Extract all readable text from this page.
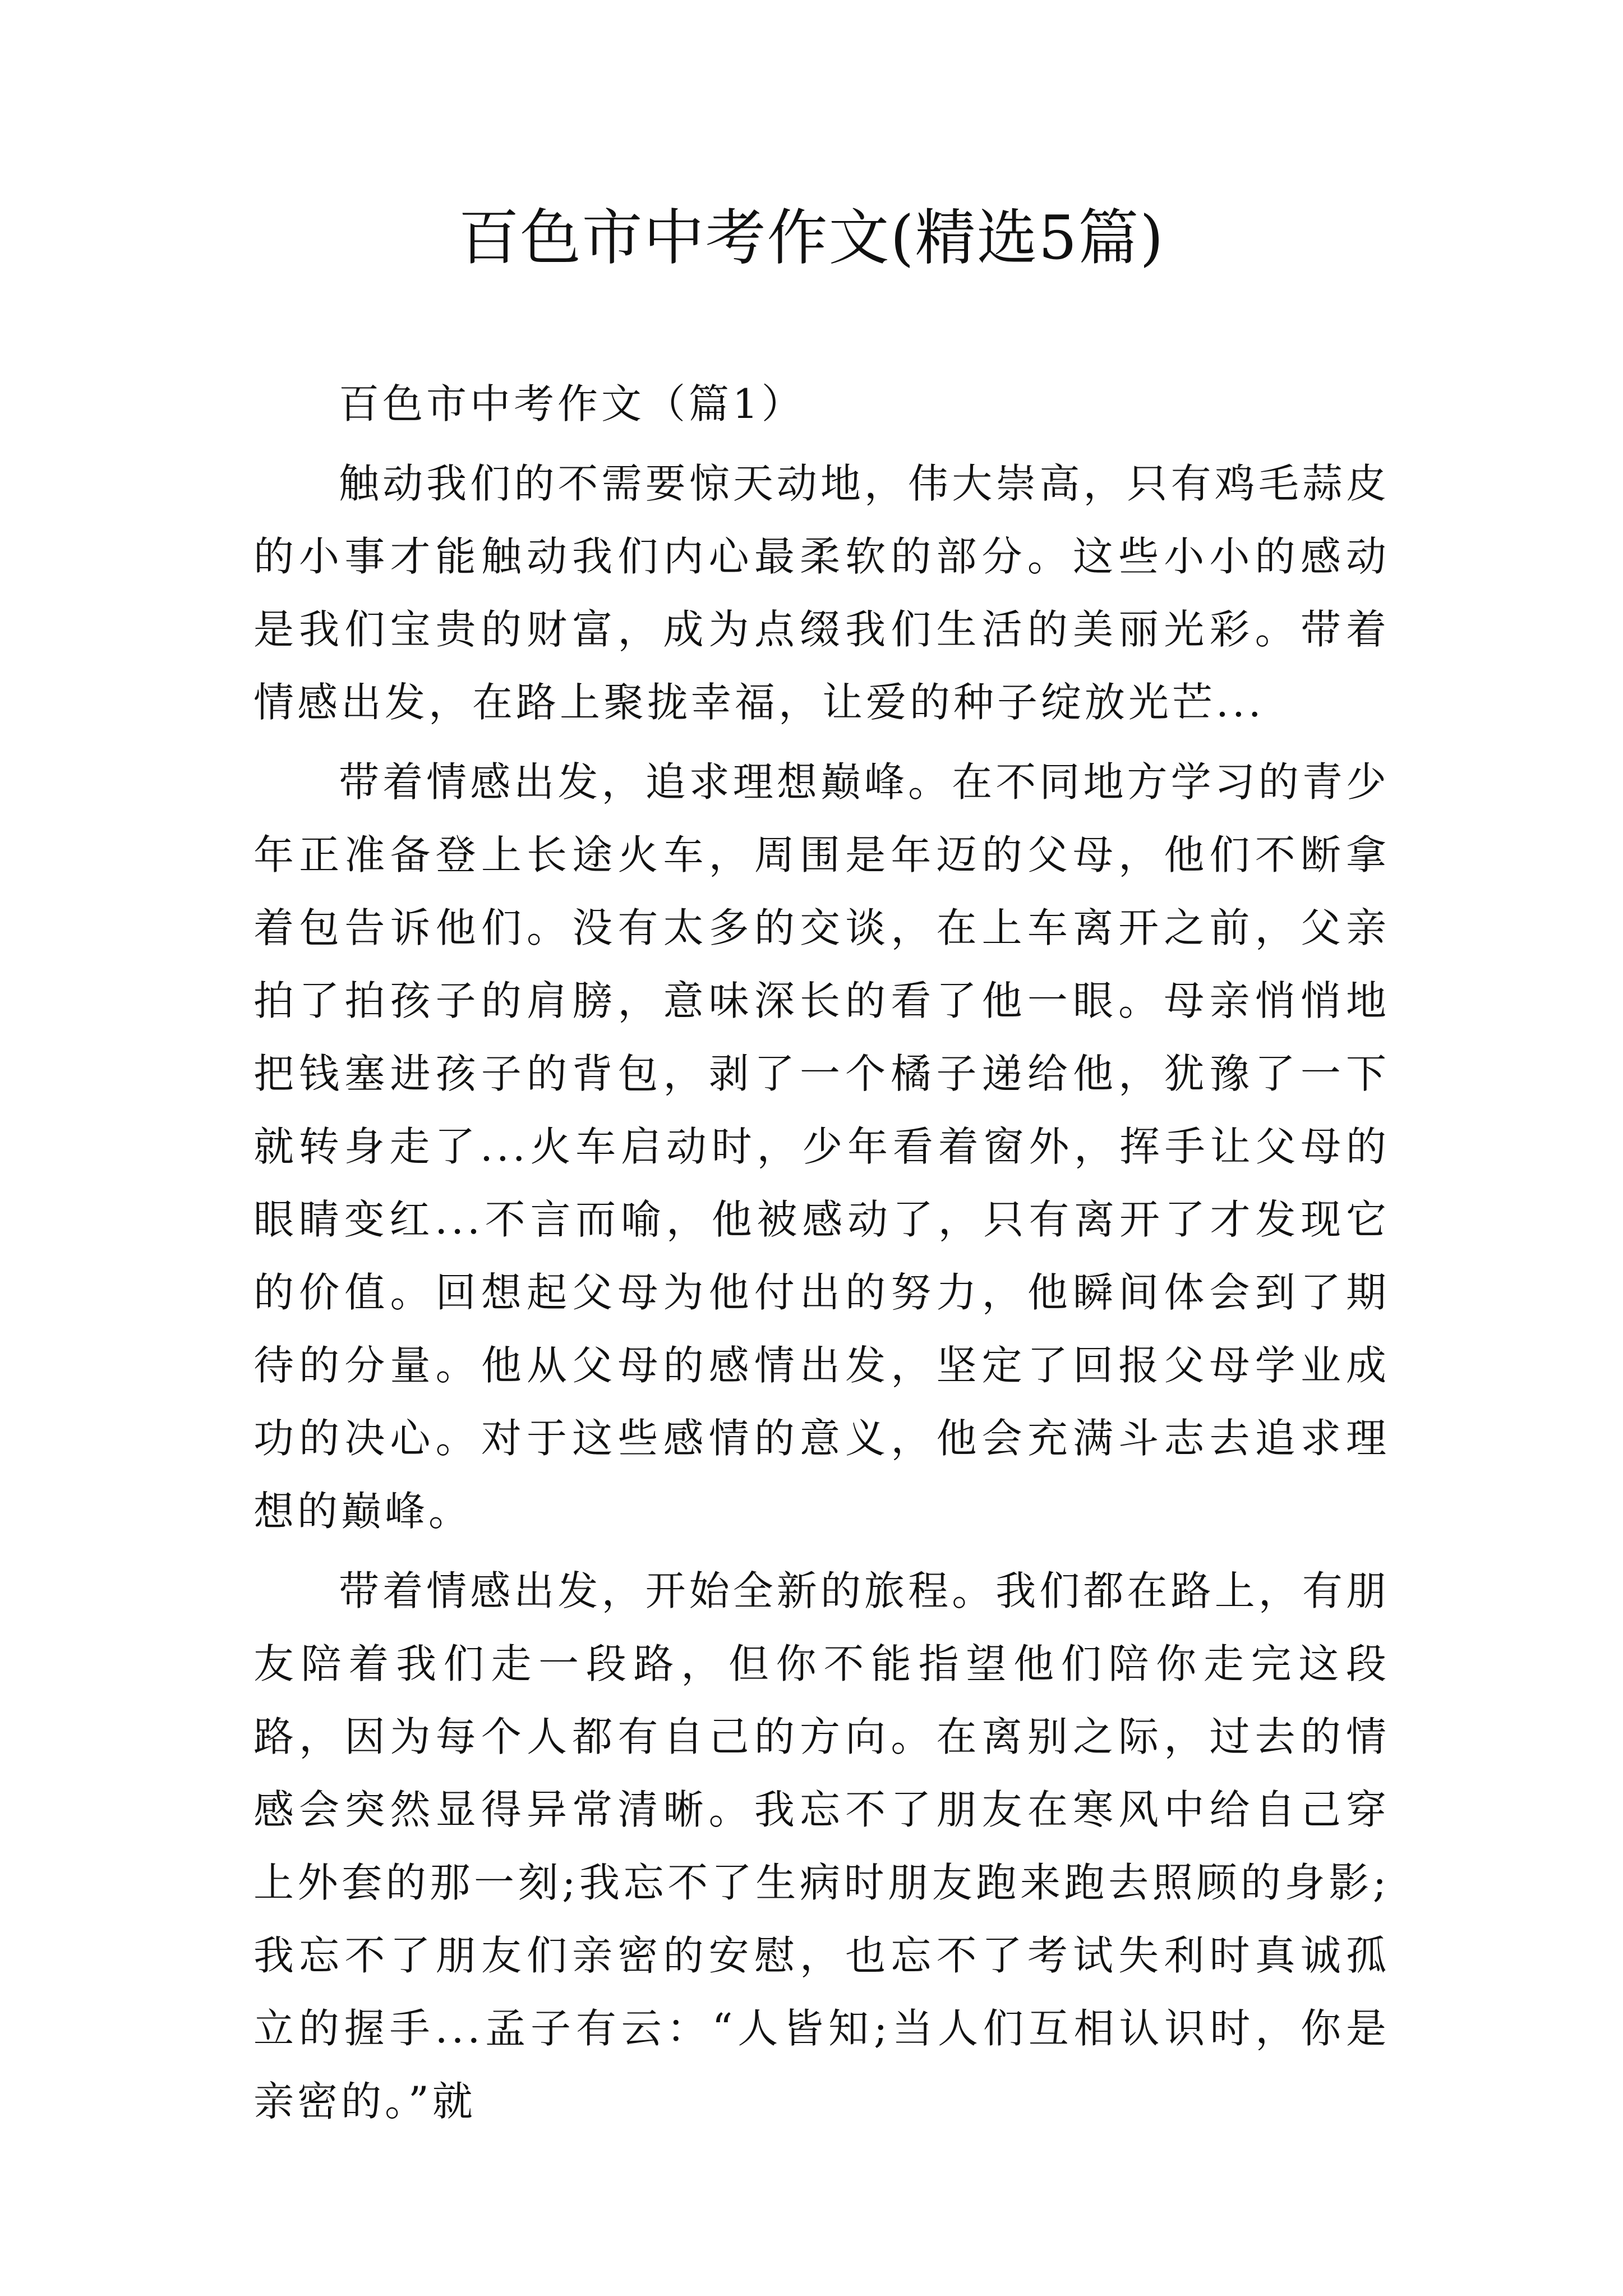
百色市中考作文(精选5篇)

百色市中考作文（篇1）

触动我们的不需要惊天动地，伟大崇高，只有鸡毛蒜皮的小事才能触动我们内心最柔软的部分。这些小小的感动是我们宝贵的财富，成为点缀我们生活的美丽光彩。带着情感出发，在路上聚拢幸福，让爱的种子绽放光芒...

带着情感出发，追求理想巅峰。在不同地方学习的青少年正准备登上长途火车，周围是年迈的父母，他们不断拿着包告诉他们。没有太多的交谈，在上车离开之前，父亲拍了拍孩子的肩膀，意味深长的看了他一眼。母亲悄悄地把钱塞进孩子的背包，剥了一个橘子递给他，犹豫了一下就转身走了...火车启动时，少年看着窗外，挥手让父母的眼睛变红...不言而喻，他被感动了，只有离开了才发现它的价值。回想起父母为他付出的努力，他瞬间体会到了期待的分量。他从父母的感情出发，坚定了回报父母学业成功的决心。对于这些感情的意义，他会充满斗志去追求理想的巅峰。

带着情感出发，开始全新的旅程。我们都在路上，有朋友陪着我们走一段路，但你不能指望他们陪你走完这段路，因为每个人都有自己的方向。在离别之际，过去的情感会突然显得异常清晰。我忘不了朋友在寒风中给自己穿上外套的那一刻;我忘不了生病时朋友跑来跑去照顾的身影;我忘不了朋友们亲密的安慰，也忘不了考试失利时真诚孤立的握手...孟子有云：“人皆知;当人们互相认识时，你是亲密的。”就
